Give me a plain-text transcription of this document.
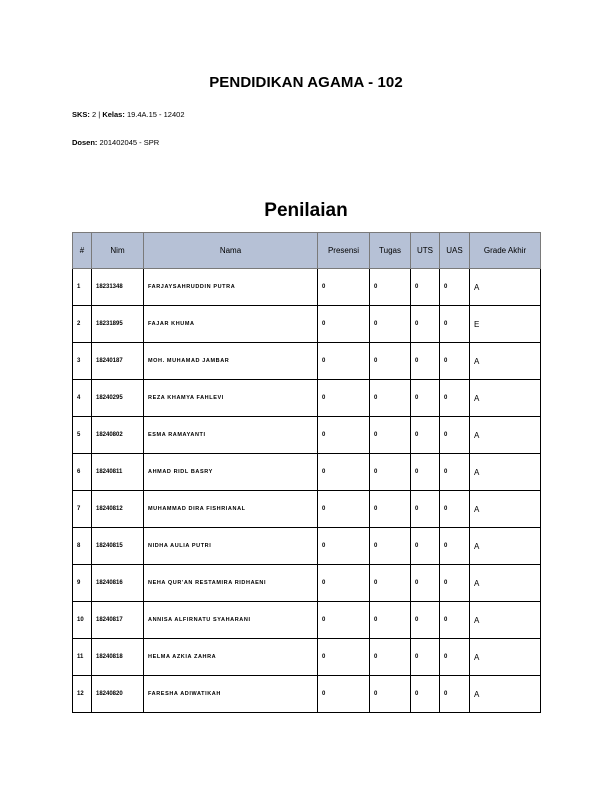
PENDIDIKAN AGAMA - 102
SKS: 2 | Kelas: 19.4A.15 - 12402
Dosen: 201402045 - SPR
Penilaian
#	Nim	Nama	Presensi	Tugas	UTS	UAS	Grade Akhir
1	18231348	FARJAYSAHRUDDIN PUTRA	0	0	0	0	A
2	18231895	FAJAR KHUMA	0	0	0	0	E
3	18240187	MOH. MUHAMAD JAMBAR	0	0	0	0	A
4	18240295	REZA KHAMYA FAHLEVI	0	0	0	0	A
5	18240802	ESMA RAMAYANTI	0	0	0	0	A
6	18240811	AHMAD RIDL BASRY	0	0	0	0	A
7	18240812	MUHAMMAD DIRA FISHRIANAL	0	0	0	0	A
8	18240815	NIDHA AULIA PUTRI	0	0	0	0	A
9	18240816	NEHA QUR'AN RESTAMIRA RIDHAENI	0	0	0	0	A
10	18240817	ANNISA ALFIRNATU SYAHARANI	0	0	0	0	A
11	18240818	HELMA AZKIA ZAHRA	0	0	0	0	A
12	18240820	FARESHA ADIWATIKAH	0	0	0	0	A
